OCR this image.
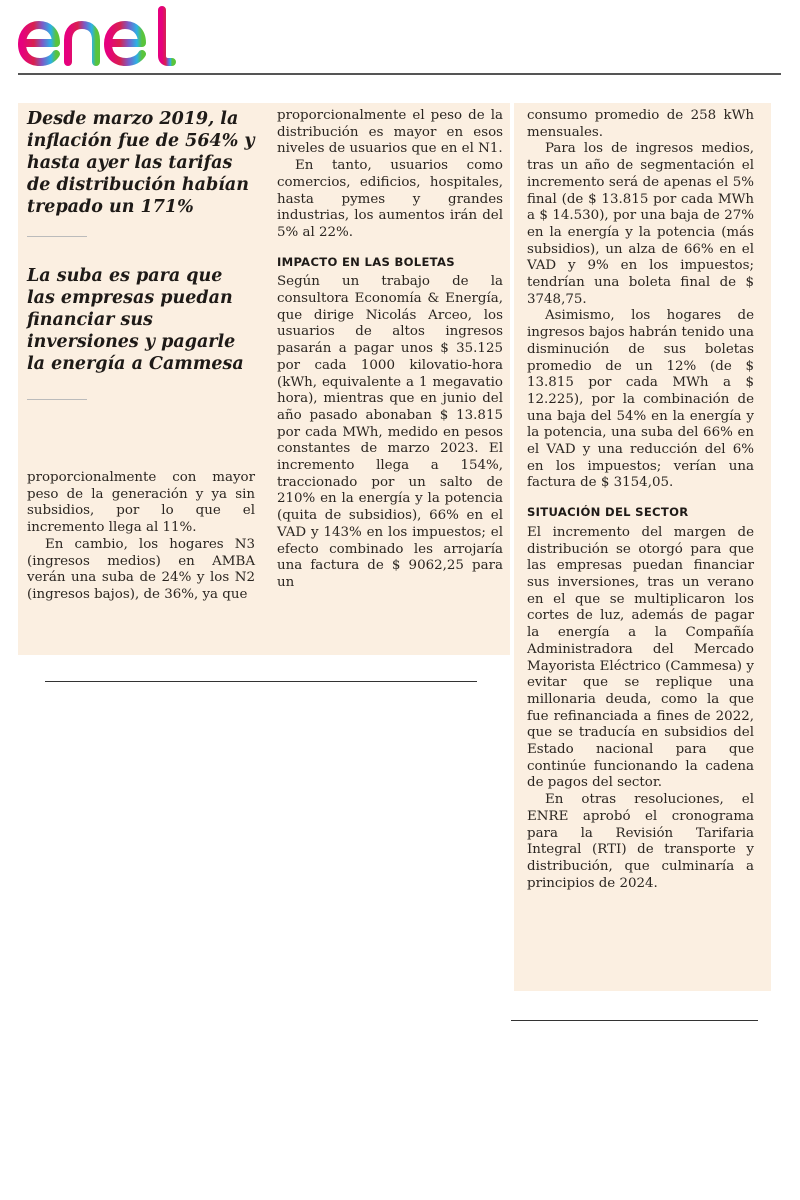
Desde marzo 2019, la inflación fue de 564% y hasta ayer las tarifas de distribución habían trepado un 171%

La suba es para que las empresas puedan financiar sus inversiones y pagarle la energía a Cammesa

proporcionalmente con mayor peso de la generación y ya sin subsidios, por lo que el incremento llega al 11%.

En cambio, los hogares N3 (ingresos medios) en AMBA verán una suba de 24% y los N2 (ingresos bajos), de 36%, ya que

proporcionalmente el peso de la distribución es mayor en esos niveles de usuarios que en el N1.

En tanto, usuarios como comercios, edificios, hospitales, hasta pymes y grandes industrias, los aumentos irán del 5% al 22%.

IMPACTO EN LAS BOLETAS

Según un trabajo de la consultora Economía & Energía, que dirige Nicolás Arceo, los usuarios de altos ingresos pasarán a pagar unos $ 35.125 por cada 1000 kilovatio-hora (kWh, equivalente a 1 megavatio hora), mientras que en junio del año pasado abonaban $ 13.815 por cada MWh, medido en pesos constantes de marzo 2023. El incremento llega a 154%, traccionado por un salto de 210% en la energía y la potencia (quita de subsidios), 66% en el VAD y 143% en los impuestos; el efecto combinado les arrojaría una factura de $ 9062,25 para un

consumo promedio de 258 kWh mensuales.

Para los de ingresos medios, tras un año de segmentación el incremento será de apenas el 5% final (de $ 13.815 por cada MWh a $ 14.530), por una baja de 27% en la energía y la potencia (más subsidios), un alza de 66% en el VAD y 9% en los impuestos; tendrían una boleta final de $ 3748,75.

Asimismo, los hogares de ingresos bajos habrán tenido una disminución de sus boletas promedio de un 12% (de $ 13.815 por cada MWh a $ 12.225), por la combinación de una baja del 54% en la energía y la potencia, una suba del 66% en el VAD y una reducción del 6% en los impuestos; verían una factura de $ 3154,05.

SITUACIÓN DEL SECTOR

El incremento del margen de distribución se otorgó para que las empresas puedan financiar sus inversiones, tras un verano en el que se multiplicaron los cortes de luz, además de pagar la energía a la Compañía Administradora del Mercado Mayorista Eléctrico (Cammesa) y evitar que se replique una millonaria deuda, como la que fue refinanciada a fines de 2022, que se traducía en subsidios del Estado nacional para que continúe funcionando la cadena de pagos del sector.

En otras resoluciones, el ENRE aprobó el cronograma para la Revisión Tarifaria Integral (RTI) de transporte y distribución, que culminaría a principios de 2024.
